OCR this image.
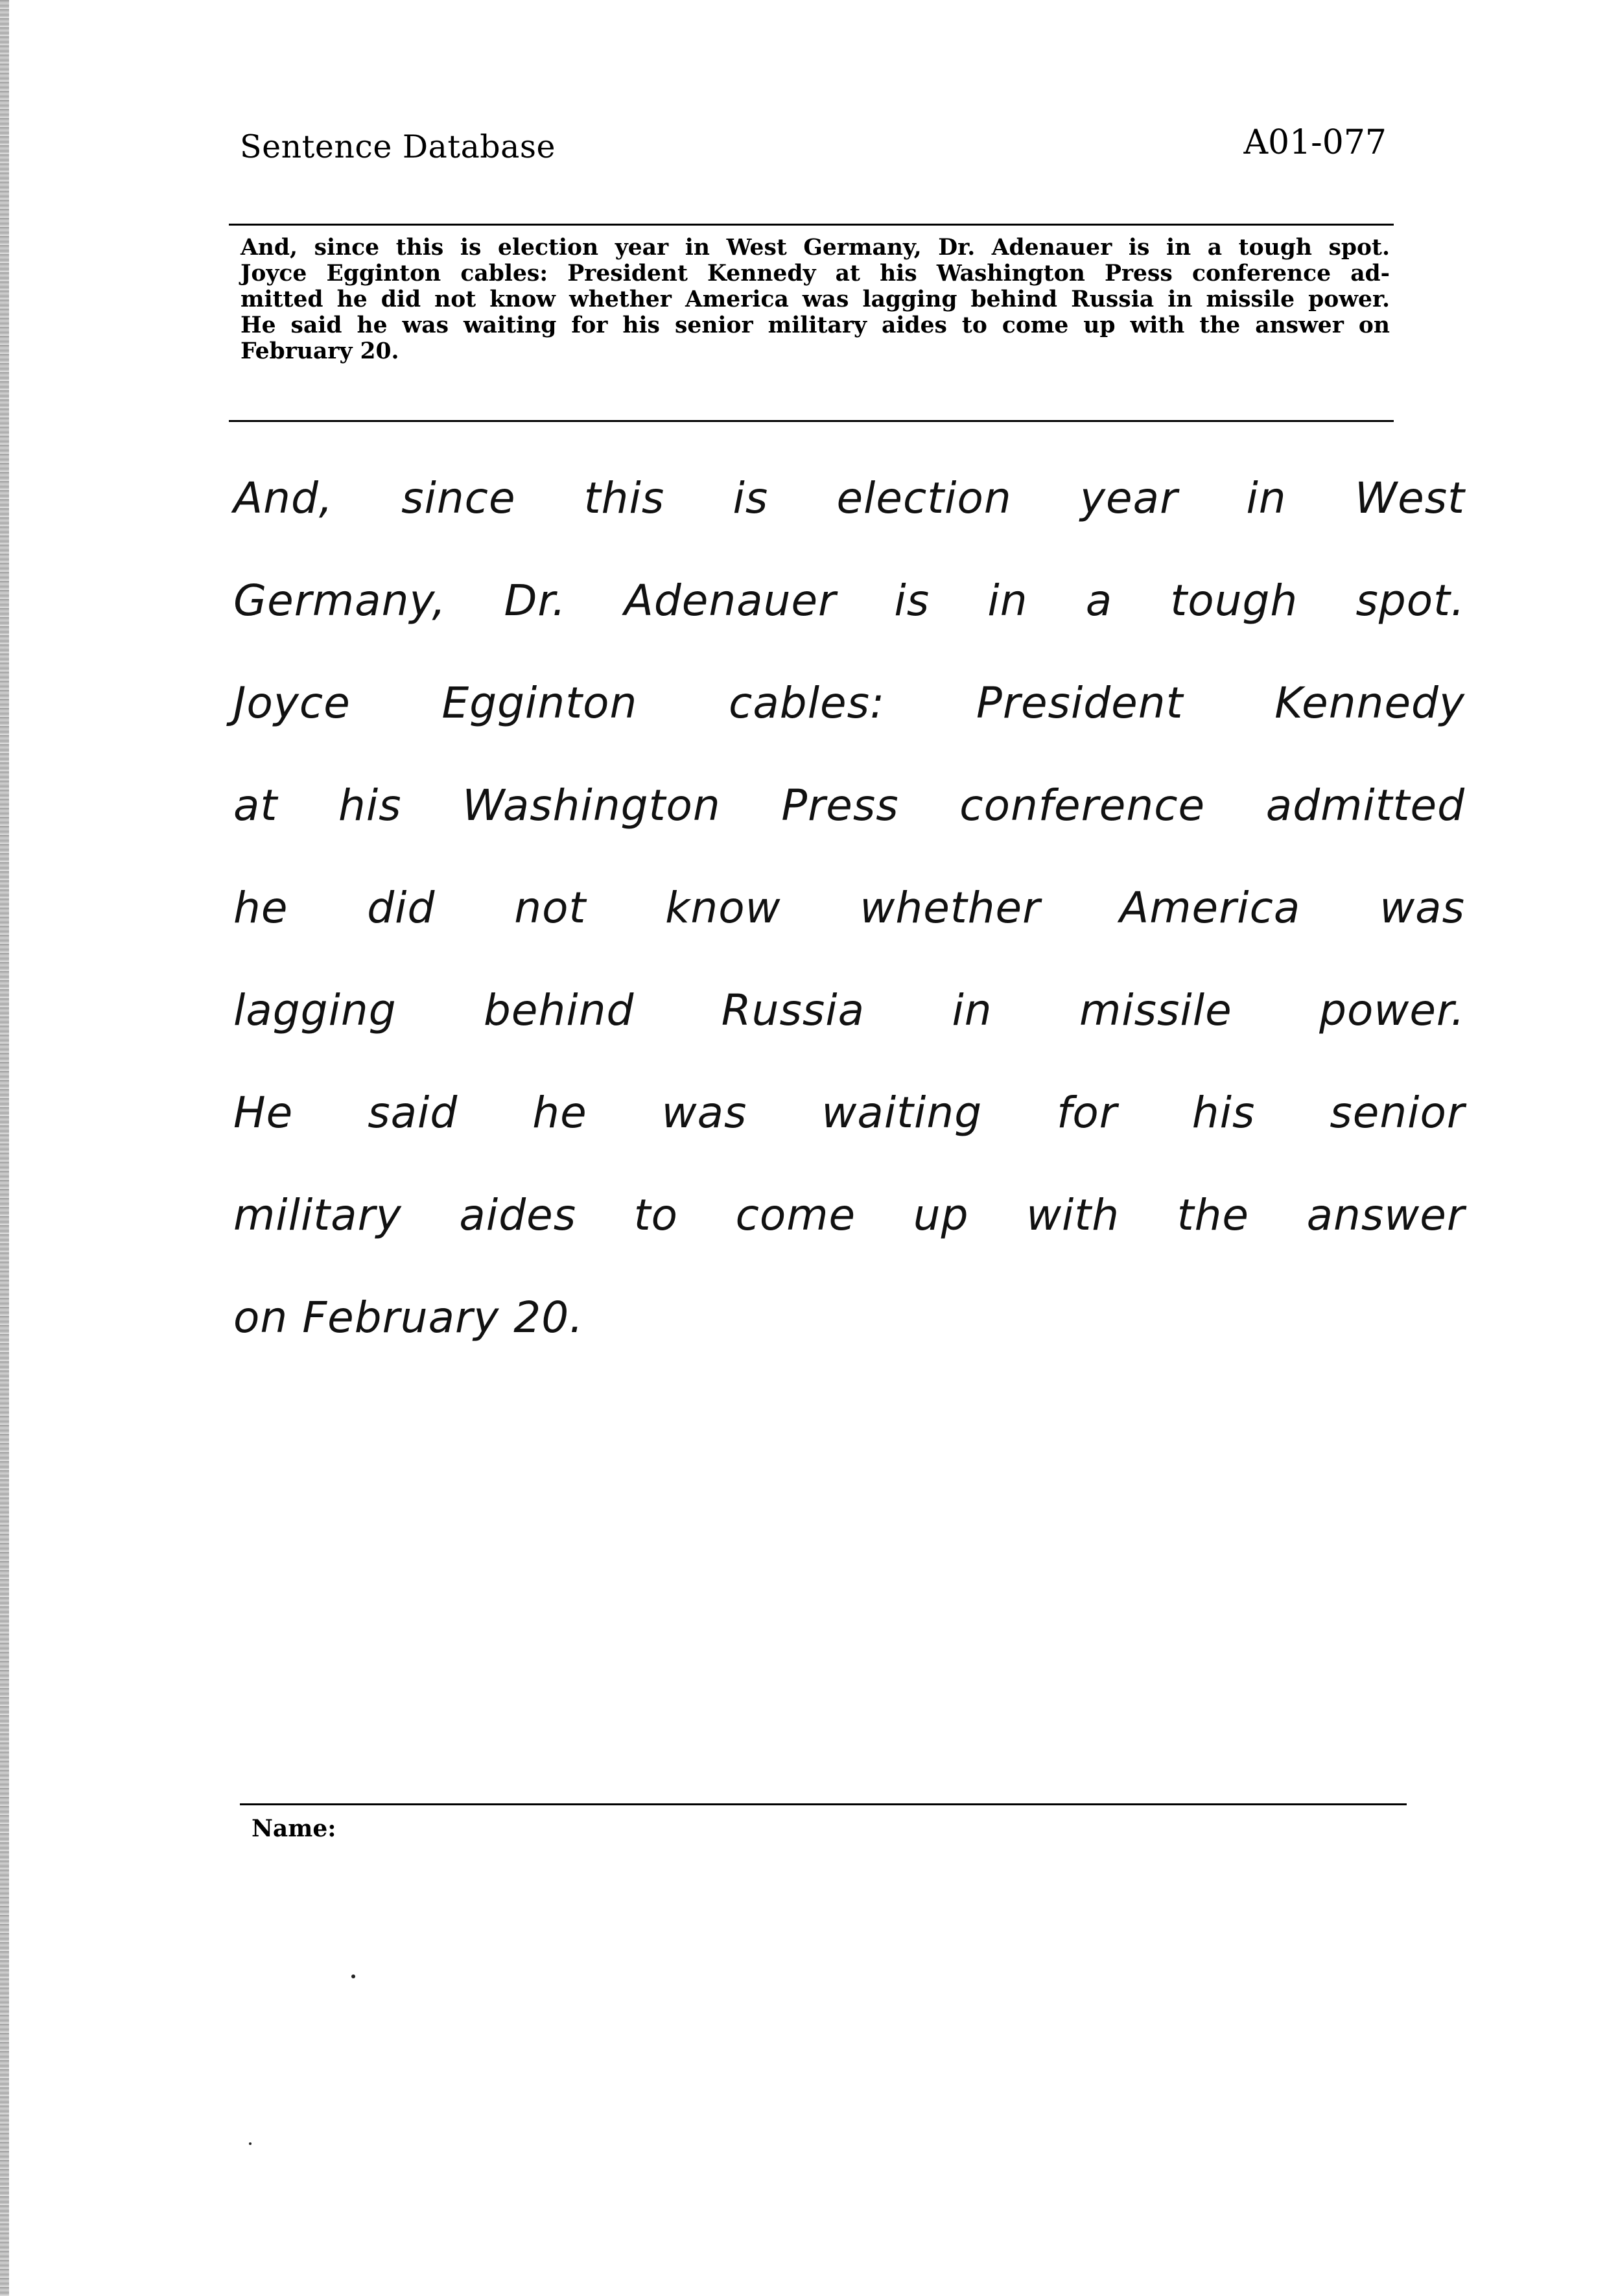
Sentence Database	A01-077
And, since this is election year in West Germany, Dr. Adenauer is in a tough spot.
Joyce Egginton cables: President Kennedy at his Washington Press conference ad-
mitted he did not know whether America was lagging behind Russia in missile power.
He said he was waiting for his senior military aides to come up with the answer on
February 20.
And, since this is election year in West
Germany, Dr. Adenauer is in a tough spot.
Joyce Egginton cables: President Kennedy
at his Washington Press conference admitted
he did not know whether America was
lagging behind Russia in missile power.
He said he was waiting for his senior
military aides to come up with the answer
on February 20.
Name:
